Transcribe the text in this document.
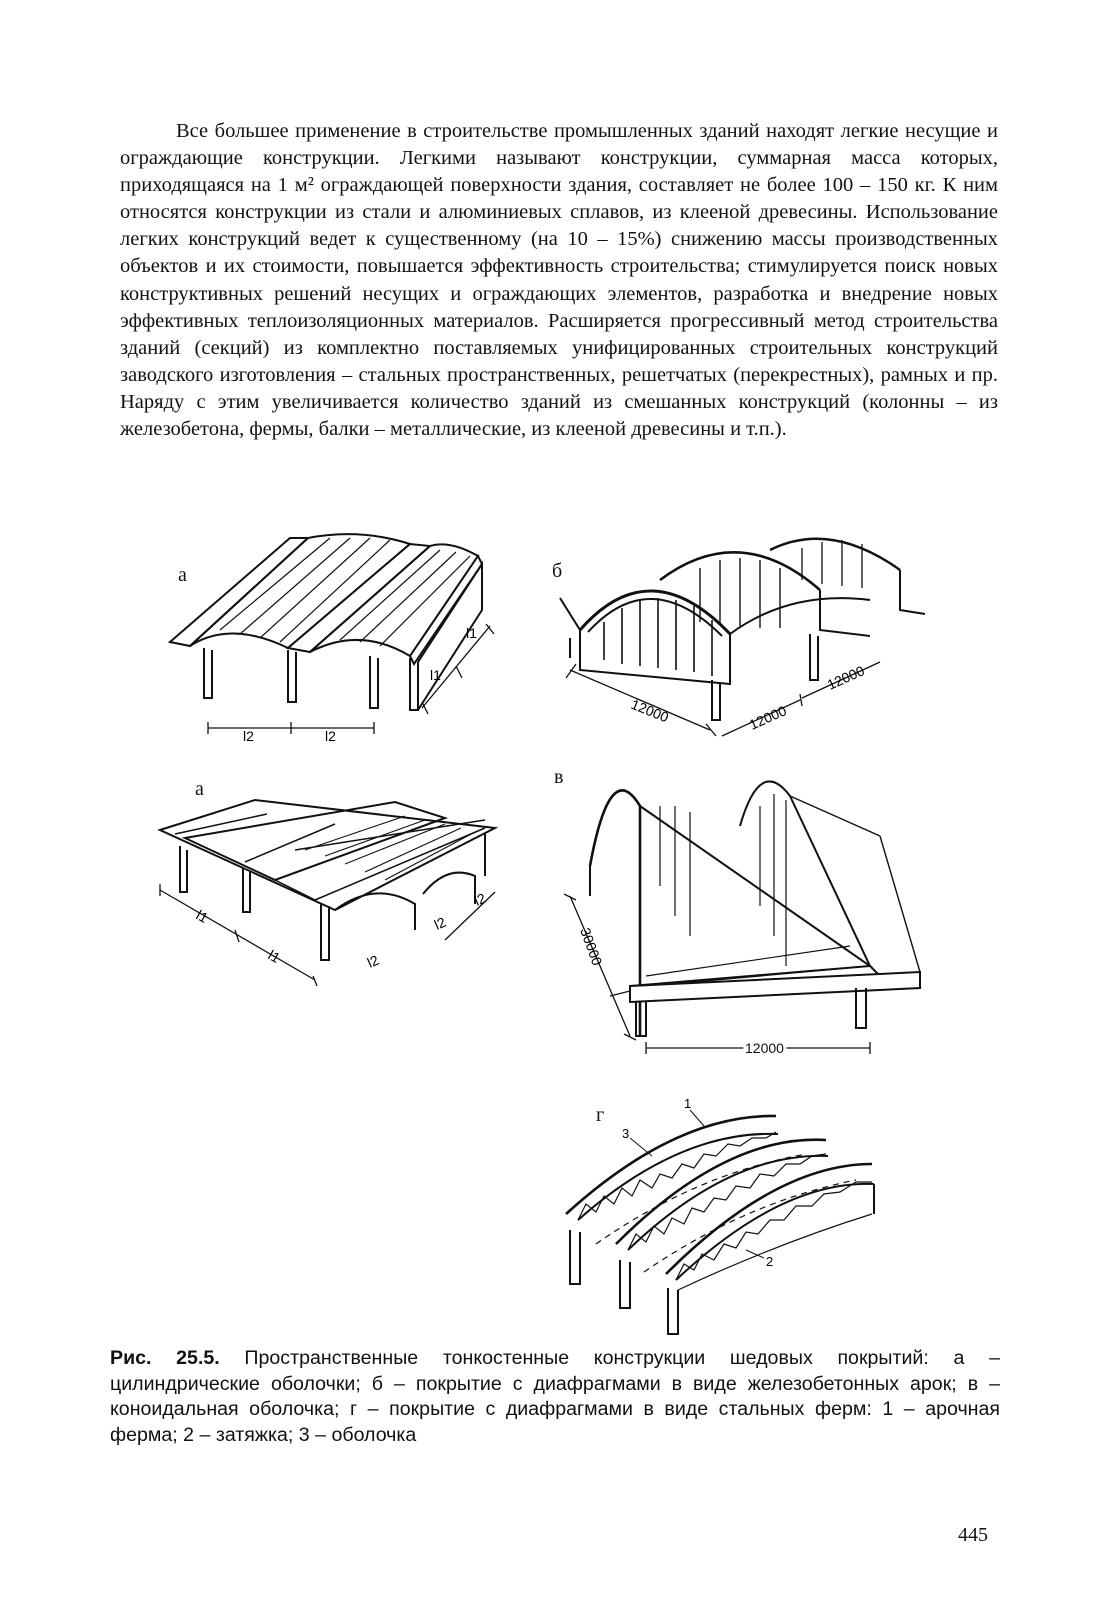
Все большее применение в строительстве промышленных зданий находят легкие несущие и ограждающие конструкции. Легкими называют конструкции, суммарная масса которых, приходящаяся на 1 м² ограждающей поверхности здания, составляет не более 100 – 150 кг. К ним относятся конструкции из стали и алюминиевых сплавов, из клееной древесины. Использование легких конструкций ведет к существенному (на 10 – 15%) снижению массы производственных объектов и их стоимости, повышается эффективность строительства; стимулируется поиск новых конструктивных решений несущих и ограждающих элементов, разработка и внедрение новых эффективных теплоизоляционных материалов. Расширяется прогрессивный метод строительства зданий (секций) из комплектно поставляемых унифицированных строительных конструкций заводского изготовления – стальных пространственных, решетчатых (перекрестных), рамных и пр. Наряду с этим увеличивается количество зданий из смешанных конструкций (колонны – из железобетона, фермы, балки – металлические, из клееной древесины и т.п.).

а
l2	l2
l1
l1
б
12000	12000
12000
а
l1
l1	l2
l2
l2
в
30000
12000
г
1
3
2

Рис. 25.5. Пространственные тонкостенные конструкции шедовых покрытий: а – цилиндрические оболочки; б – покрытие с диафрагмами в виде железобетонных арок; в – коноидальная оболочка; г – покрытие с диафрагмами в виде стальных ферм: 1 – арочная ферма; 2 – затяжка; 3 – оболочка

445
